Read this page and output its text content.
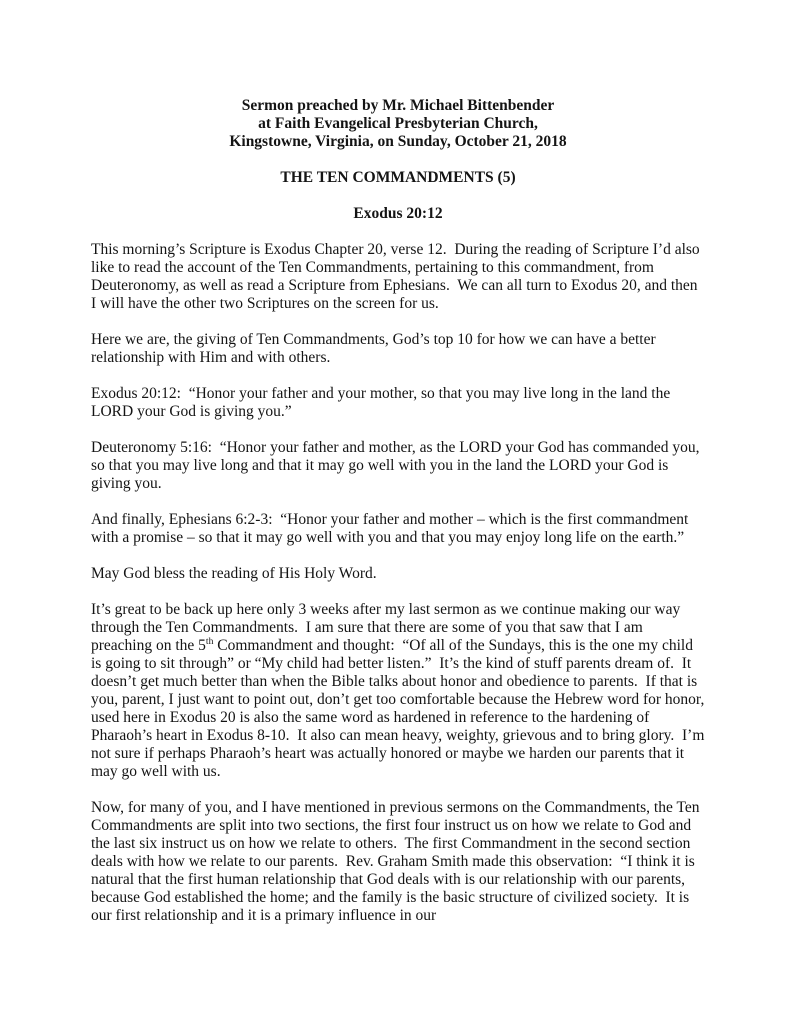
Sermon preached by Mr. Michael Bittenbender
at Faith Evangelical Presbyterian Church,
Kingstowne, Virginia, on Sunday, October 21, 2018
THE TEN COMMANDMENTS (5)
Exodus 20:12

This morning’s Scripture is Exodus Chapter 20, verse 12.  During the reading of Scripture I’d also like to read the account of the Ten Commandments, pertaining to this commandment, from Deuteronomy, as well as read a Scripture from Ephesians.  We can all turn to Exodus 20, and then I will have the other two Scriptures on the screen for us.

Here we are, the giving of Ten Commandments, God’s top 10 for how we can have a better relationship with Him and with others.

Exodus 20:12:  “Honor your father and your mother, so that you may live long in the land the LORD your God is giving you.”

Deuteronomy 5:16:  “Honor your father and mother, as the LORD your God has commanded you, so that you may live long and that it may go well with you in the land the LORD your God is giving you.

And finally, Ephesians 6:2-3:  “Honor your father and mother – which is the first commandment with a promise – so that it may go well with you and that you may enjoy long life on the earth.”

May God bless the reading of His Holy Word.

It’s great to be back up here only 3 weeks after my last sermon as we continue making our way through the Ten Commandments.  I am sure that there are some of you that saw that I am preaching on the 5th Commandment and thought:  “Of all of the Sundays, this is the one my child is going to sit through” or “My child had better listen.”  It’s the kind of stuff parents dream of.  It doesn’t get much better than when the Bible talks about honor and obedience to parents.  If that is you, parent, I just want to point out, don’t get too comfortable because the Hebrew word for honor, used here in Exodus 20 is also the same word as hardened in reference to the hardening of Pharaoh’s heart in Exodus 8-10.  It also can mean heavy, weighty, grievous and to bring glory.  I’m not sure if perhaps Pharaoh’s heart was actually honored or maybe we harden our parents that it may go well with us.

Now, for many of you, and I have mentioned in previous sermons on the Commandments, the Ten Commandments are split into two sections, the first four instruct us on how we relate to God and the last six instruct us on how we relate to others.  The first Commandment in the second section deals with how we relate to our parents.  Rev. Graham Smith made this observation:  “I think it is natural that the first human relationship that God deals with is our relationship with our parents, because God established the home; and the family is the basic structure of civilized society.  It is our first relationship and it is a primary influence in our
